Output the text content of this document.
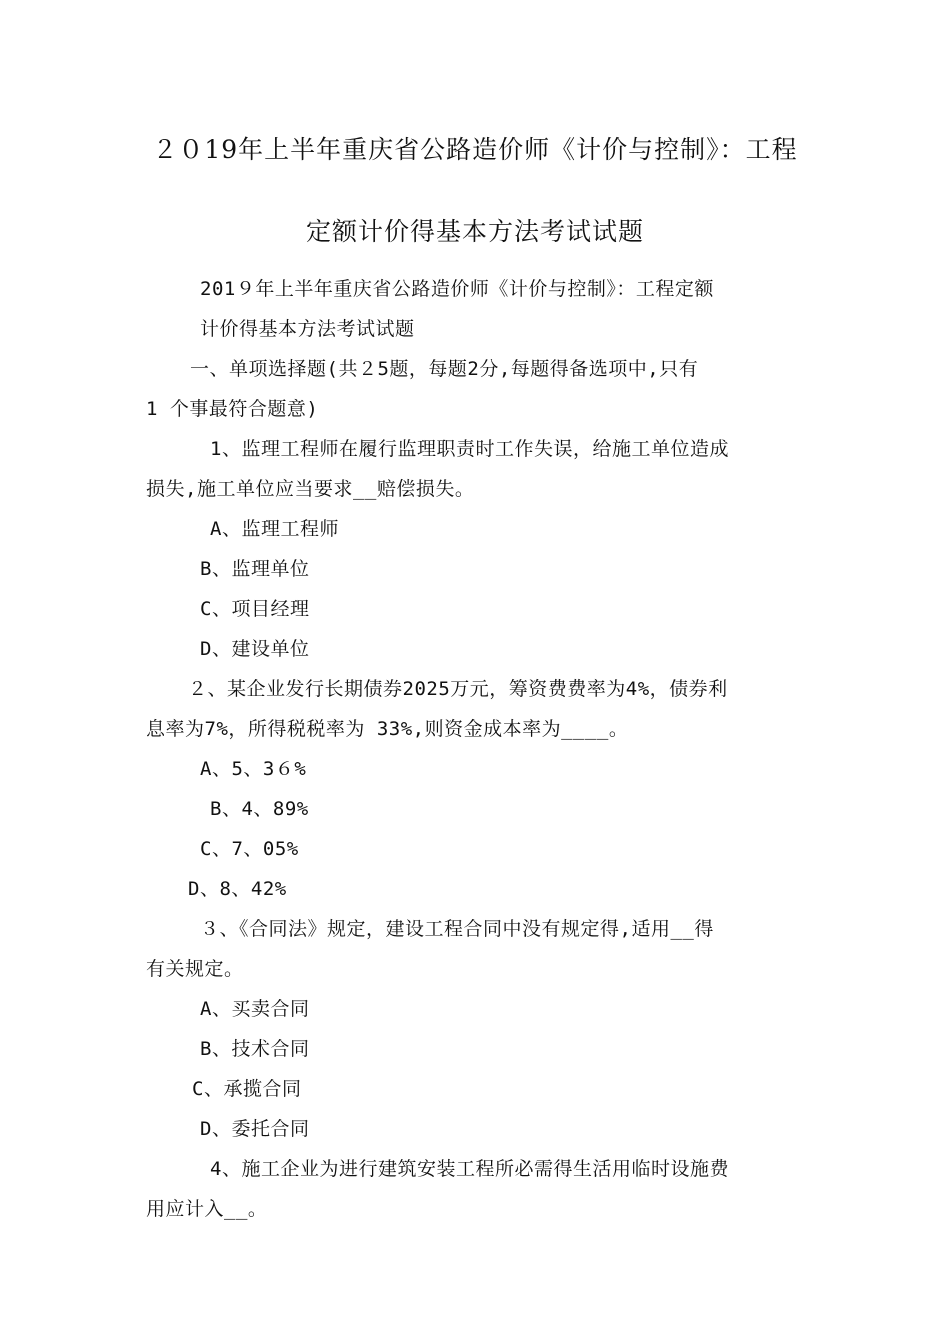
２０19年上半年重庆省公路造价师《计价与控制》：工程
定额计价得基本方法考试试题
201９年上半年重庆省公路造价师《计价与控制》：工程定额
计价得基本方法考试试题
一、单项选择题(共２5题，每题2分,每题得备选项中,只有
1 个事最符合题意)
1、监理工程师在履行监理职责时工作失误，给施工单位造成
损失,施工单位应当要求__赔偿损失。
A、监理工程师
B、监理单位
C、项目经理
D、建设单位
２、某企业发行长期债券2025万元，筹资费费率为4%，债券利
息率为7%，所得税税率为 33%,则资金成本率为____。
A、5、3６%
B、4、89%
C、7、05%
D、8、42%
３、《合同法》规定，建设工程合同中没有规定得,适用__得
有关规定。
A、买卖合同
B、技术合同
C、承揽合同
D、委托合同
4、施工企业为进行建筑安装工程所必需得生活用临时设施费
用应计入__。
